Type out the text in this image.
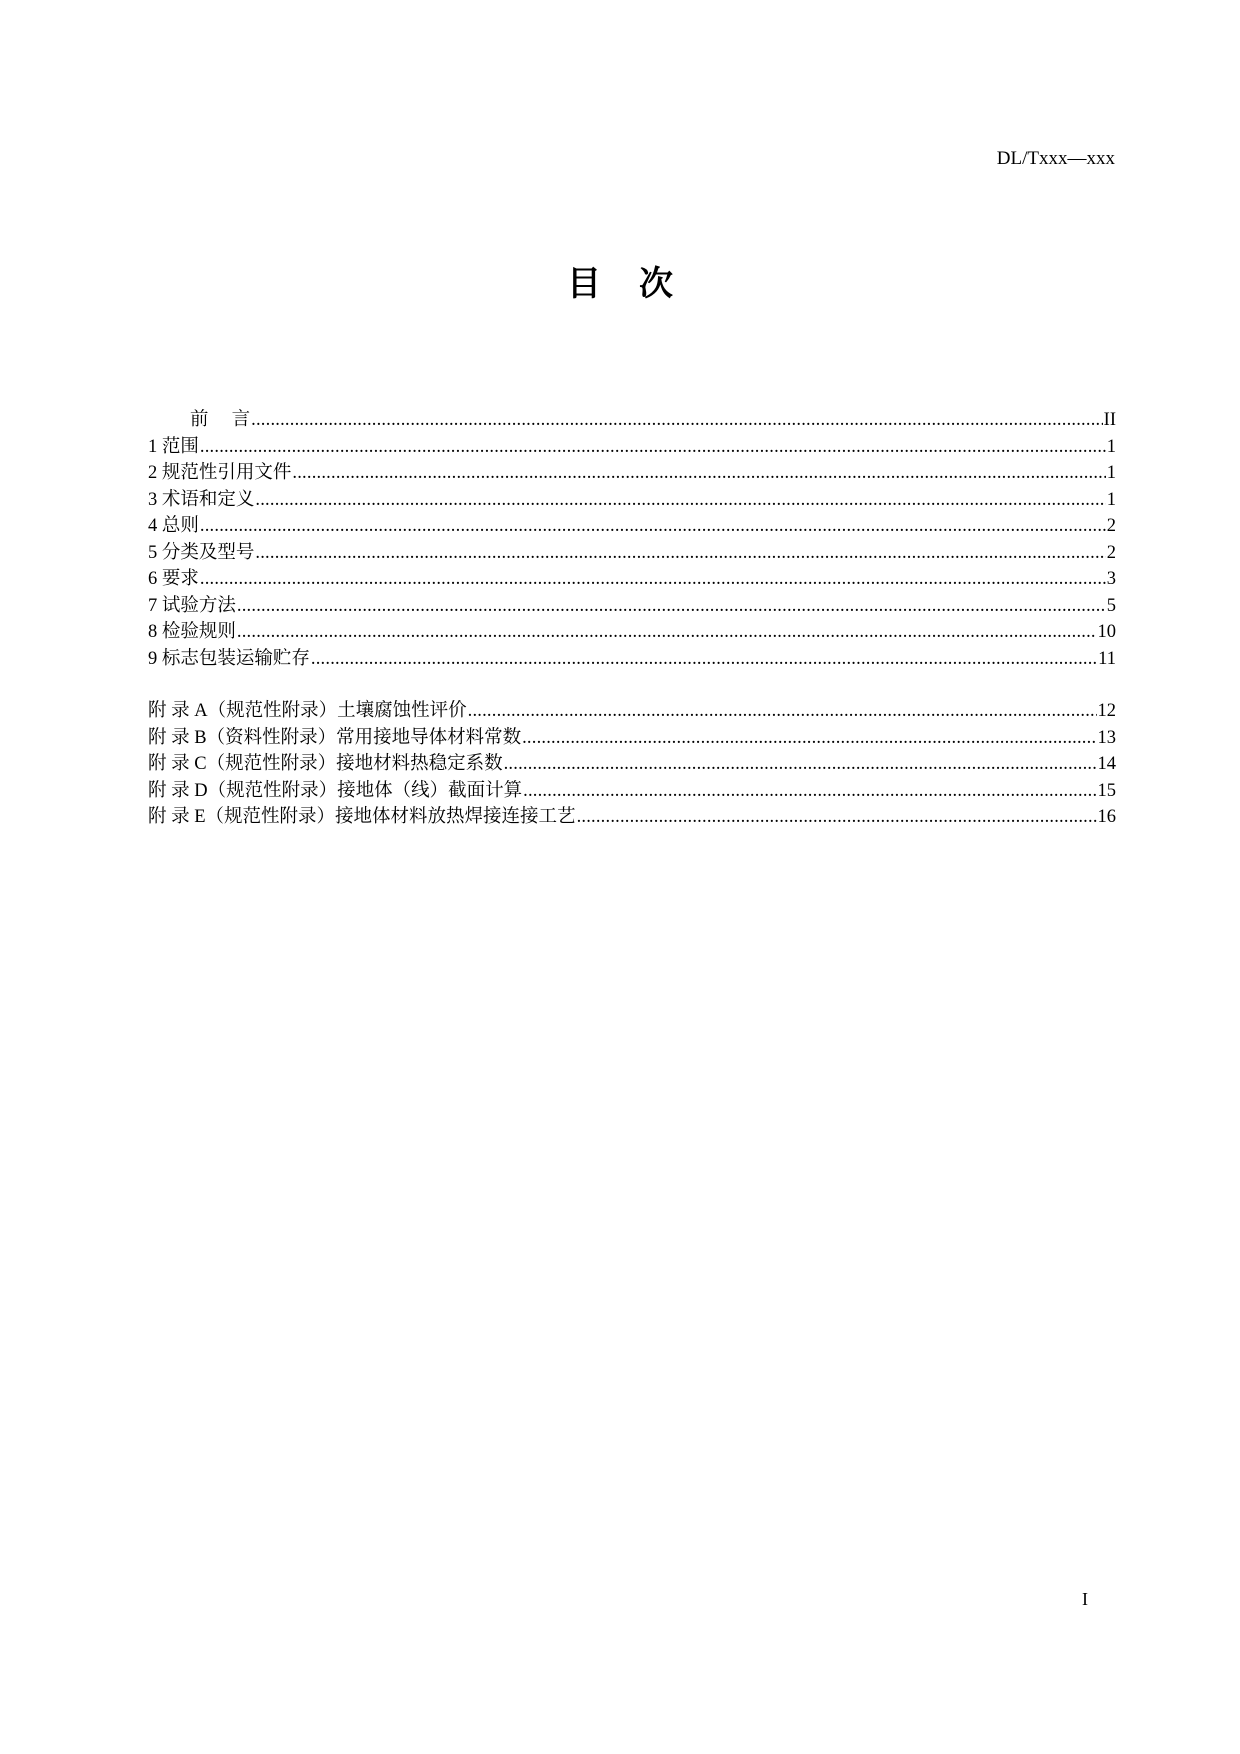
DL/Txxx—xxx
目 次
前　 言 .....	II
1 范围 .....	1
2 规范性引用文件 .....	1
3 术语和定义 .....	1
4 总则 .....	2
5 分类及型号 .....	2
6 要求 .....	3
7 试验方法 .....	5
8 检验规则 .....	10
9 标志包装运输贮存 .....	11
附 录 A（规范性附录）土壤腐蚀性评价 .....	12
附 录 B（资料性附录）常用接地导体材料常数 .....	13
附 录 C（规范性附录）接地材料热稳定系数 .....	14
附 录 D（规范性附录）接地体（线）截面计算 .....	15
附 录 E（规范性附录）接地体材料放热焊接连接工艺 .....	16
I
